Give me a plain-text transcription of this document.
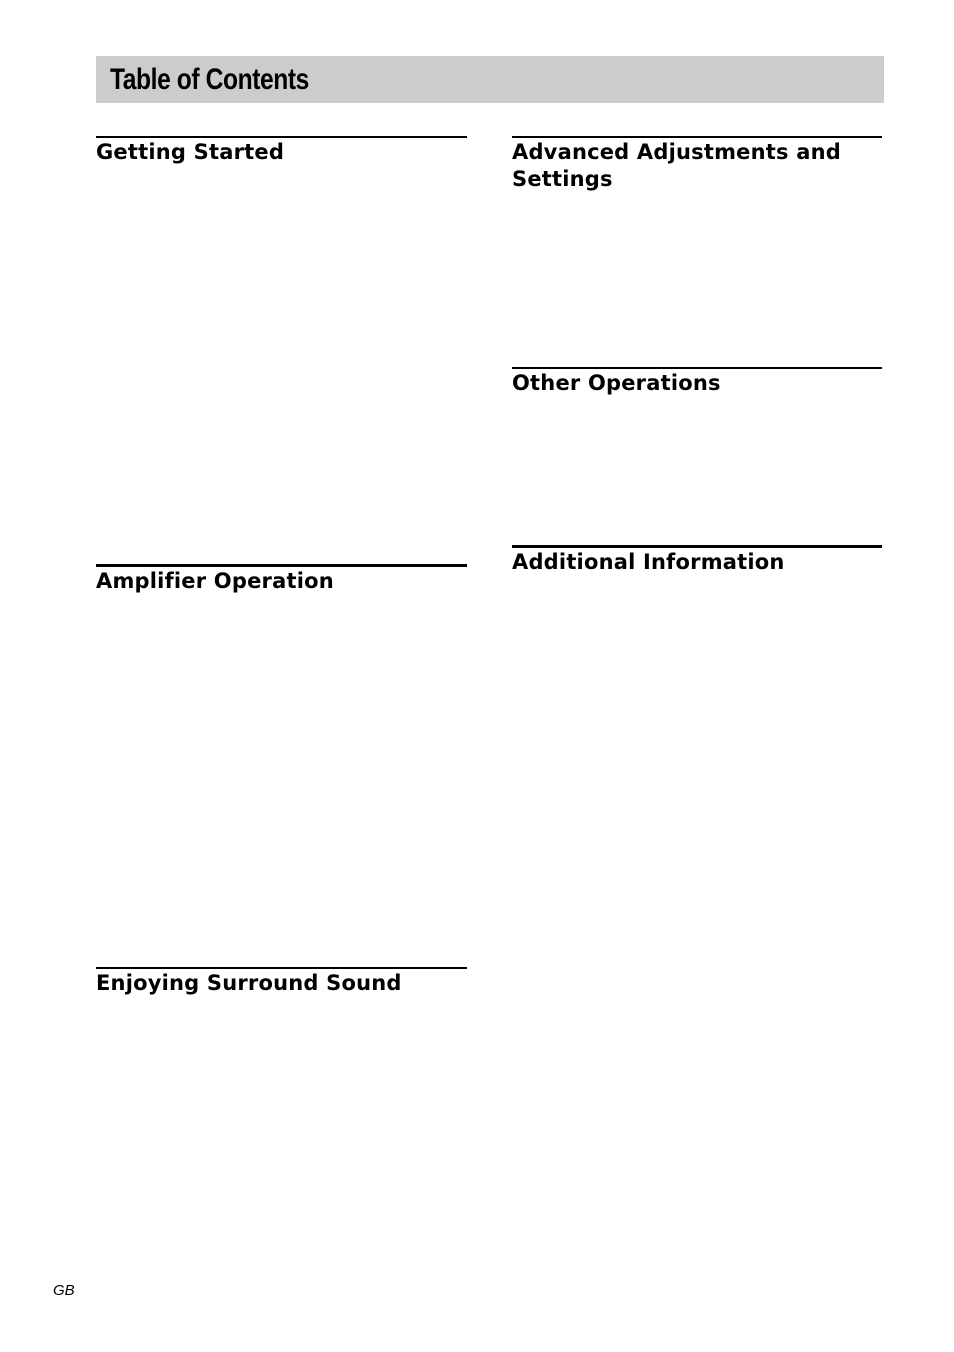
Table of Contents
Getting Started
Amplifier Operation
Enjoying Surround Sound
Advanced Adjustments and Settings
Other Operations
Additional Information
GB
